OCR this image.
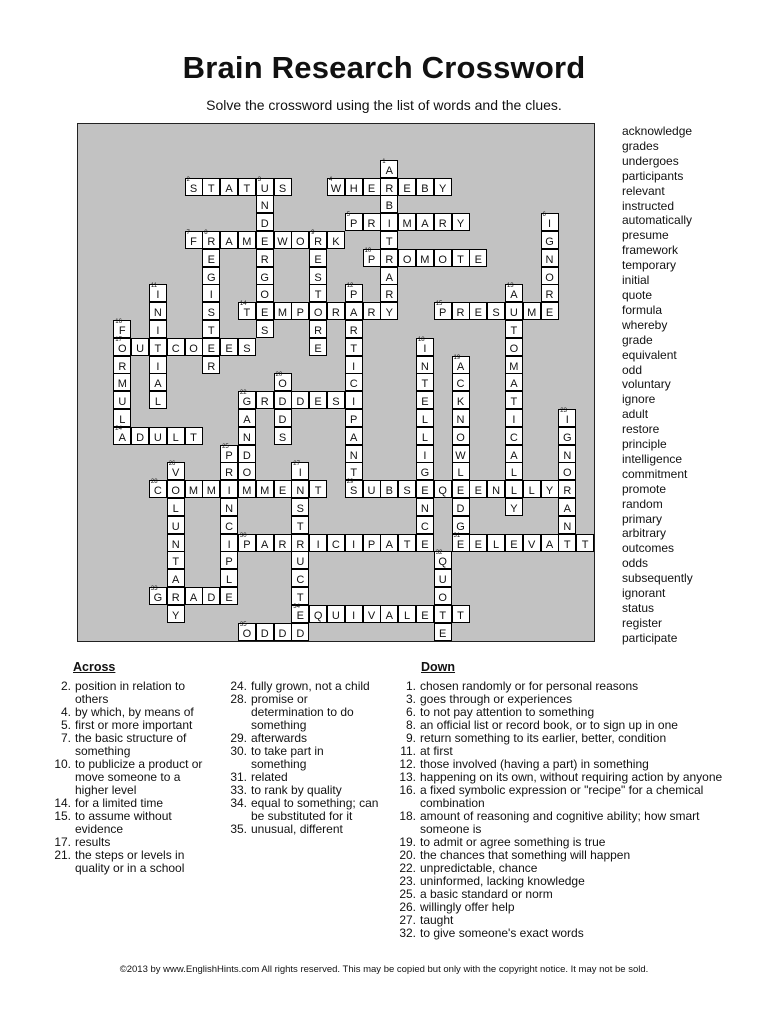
Brain Research Crossword
Solve the crossword using the list of words and the clues.
1
A
R
B
I
T
R
A
R
Y
2
S T A T
3
U S
N
D
E
R
G
O
E
S
4
W H E	E B Y
5
P R	M A R Y
6
I
G
N
O
R
E
7
F
8
R A M	W O
9
R K
E
G
I
S
T
E
R
E
S
T
O
R
E
10
P	O M O T E
11
I
N
I
T
I
A
L
12
P
A
R
T
I
C
I
P
A
N
T
29
S
13
A
U
T
O
M
A
T
I
C
A
L
L
Y
14
T	M P	R	R
15
P R E S	M
16
F
17
O
R
M
U
L
24
A
U	C O	E S
18
I
N
T
E
L
L
I
G
E
N
C
E
19
A
C
K
N
O
W
L
E
D
G
31
E
20
O
D
D
S
22
G R	D E S
A
N
D
O
M
23
I
G
N
O
R
A
N
T
D U L	T
25
P
R
I
N
C
I
P
L
E
26
V
O
L
U
N
T
A
R
Y
27
I
N
S
T
R
U
C
T
34
E
D
28
C	M M	M E	T	U B S	Q	E N	L	Y
30
P A R	I	C	I	P A T	E	L	E V A	T
32
Q
U
O
T
E
33
G	A D
Q U	I	V A	L	E	T
35
O D D
acknowledge
grades
undergoes
participants
relevant
instructed
automatically
presume
framework
temporary
initial
quote
formula
whereby
grade
equivalent
odd
voluntary
ignore
adult
restore
principle
intelligence
commitment
promote
random
primary
arbitrary
outcomes
odds
subsequently
ignorant
status
register
participate
Across
2. position in relation to others
4. by which, by means of
5. first or more important
7. the basic structure of something
10. to publicize a product or move someone to a higher level
14. for a limited time
15. to assume without evidence
17. results
21. the steps or levels in quality or in a school
24. fully grown, not a child
28. promise or determination to do something
29. afterwards
30. to take part in something
31. related
33. to rank by quality
34. equal to something; can be substituted for it
35. unusual, different
Down
1. chosen randomly or for personal reasons
3. goes through or experiences
6. to not pay attention to something
8. an official list or record book, or to sign up in one
9. return something to its earlier, better, condition
11. at first
12. those involved (having a part) in something
13. happening on its own, without requiring action by anyone
16. a fixed symbolic expression or "recipe" for a chemical combination
18. amount of reasoning and cognitive ability; how smart someone is
19. to admit or agree something is true
20. the chances that something will happen
22. unpredictable, chance
23. uninformed, lacking knowledge
25. a basic standard or norm
26. willingly offer help
27. taught
32. to give someone's exact words
©2013 by www.EnglishHints.com All rights reserved. This may be copied but only with the copyright notice. It may not be sold.
